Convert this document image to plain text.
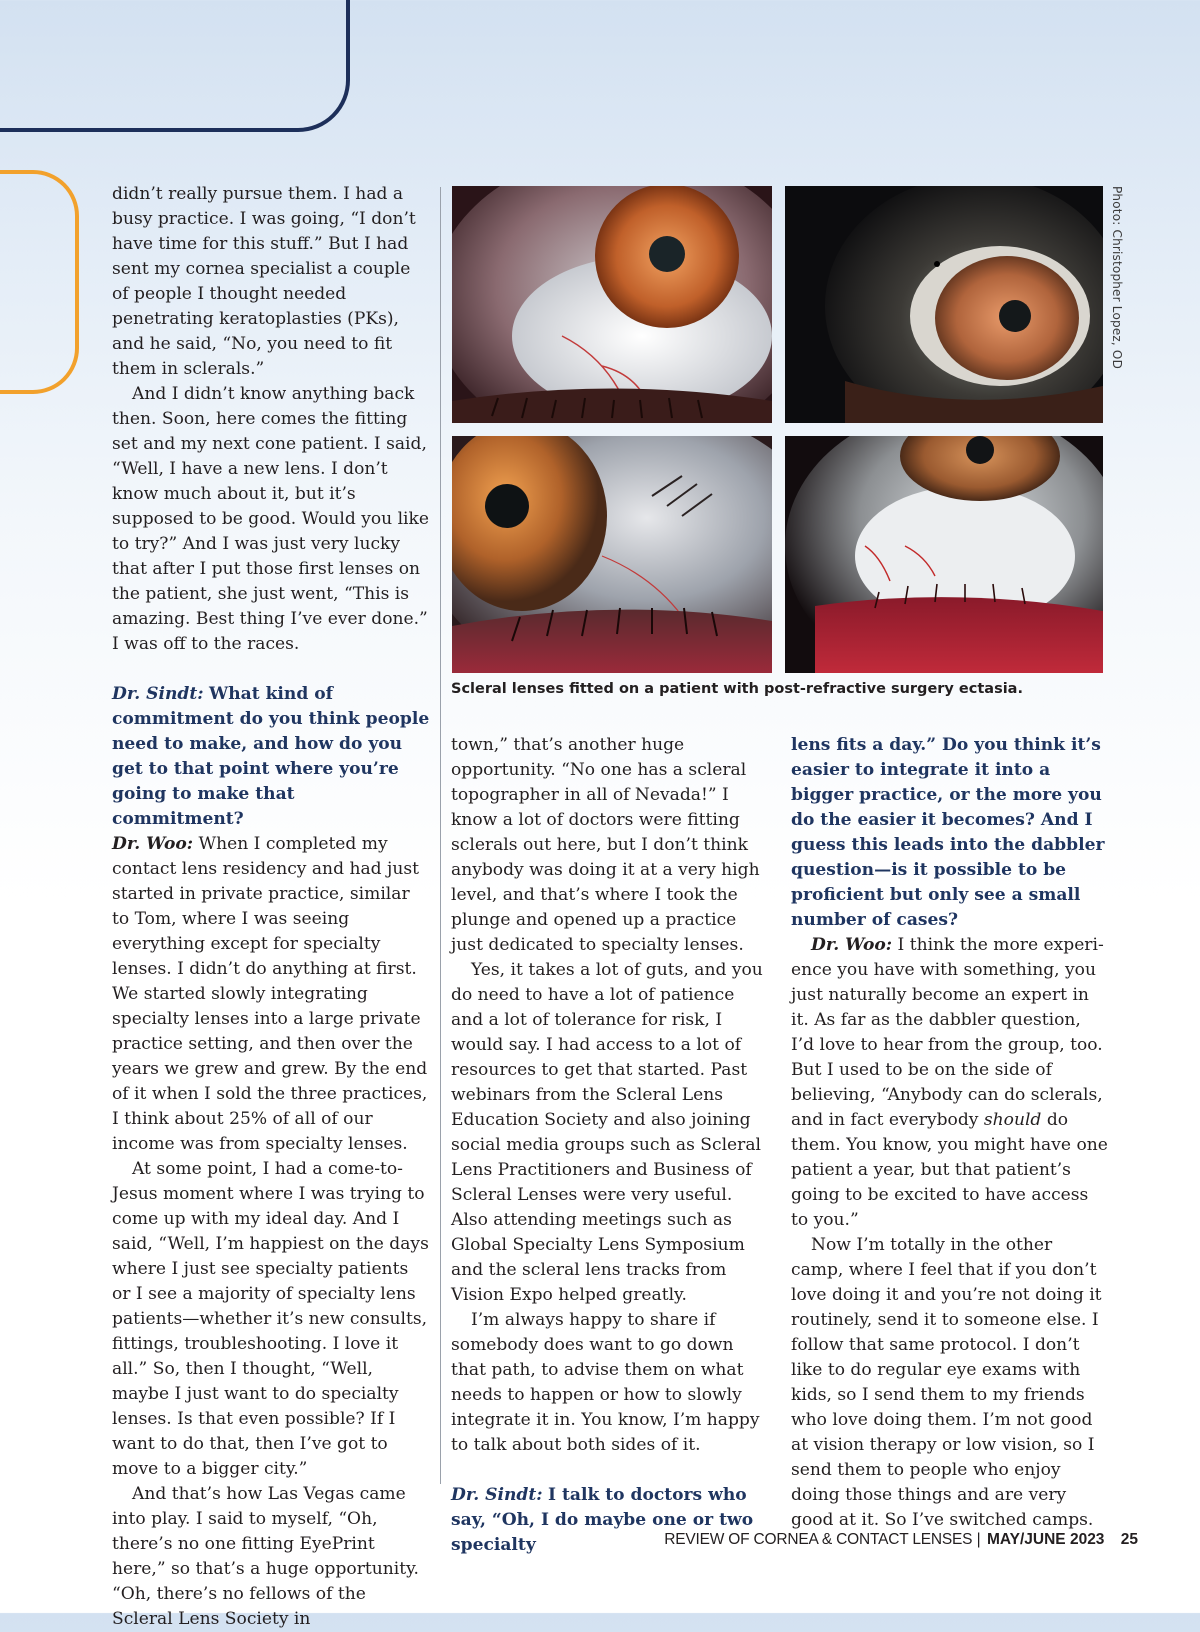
didn’t really pursue them. I had a busy practice. I was going, “I don’t have time for this stuff.” But I had sent my cornea specialist a couple of people I thought needed penetrating keratoplasties (PKs), and he said, “No, you need to fit them in sclerals.”

And I didn’t know anything back then. Soon, here comes the fitting set and my next cone patient. I said, “Well, I have a new lens. I don’t know much about it, but it’s supposed to be good. Would you like to try?” And I was just very lucky that after I put those first lenses on the patient, she just went, “This is amazing. Best thing I’ve ever done.” I was off to the races.

Dr. Sindt: What kind of commitment do you think people need to make, and how do you get to that point where you’re going to make that commitment?

Dr. Woo: When I completed my contact lens residency and had just started in private practice, similar to Tom, where I was seeing everything except for specialty lenses. I didn’t do anything at first. We started slowly integrating specialty lenses into a large private practice setting, and then over the years we grew and grew. By the end of it when I sold the three practices, I think about 25% of all of our income was from specialty lenses.

At some point, I had a come-to-Jesus moment where I was trying to come up with my ideal day. And I said, “Well, I’m happiest on the days where I just see specialty patients or I see a majority of specialty lens patients—whether it’s new consults, fittings, troubleshooting. I love it all.” So, then I thought, “Well, maybe I just want to do specialty lenses. Is that even possible? If I want to do that, then I’ve got to move to a bigger city.”

And that’s how Las Vegas came into play. I said to myself, “Oh, there’s no one fitting EyePrint here,” so that’s a huge opportunity. “Oh, there’s no fellows of the Scleral Lens Society in

Photo: Christopher Lopez, OD
Scleral lenses fitted on a patient with post-refractive surgery ectasia.

town,” that’s another huge opportunity. “No one has a scleral topographer in all of Nevada!” I know a lot of doctors were fitting sclerals out here, but I don’t think anybody was doing it at a very high level, and that’s where I took the plunge and opened up a practice just dedicated to specialty lenses.

Yes, it takes a lot of guts, and you do need to have a lot of patience and a lot of tolerance for risk, I would say. I had access to a lot of resources to get that started. Past webinars from the Scleral Lens Education Society and also joining social media groups such as Scleral Lens Practitioners and Business of Scleral Lenses were very useful. Also attending meetings such as Global Specialty Lens Symposium and the scleral lens tracks from Vision Expo helped greatly.

I’m always happy to share if somebody does want to go down that path, to advise them on what needs to happen or how to slowly integrate it in. You know, I’m happy to talk about both sides of it.

Dr. Sindt: I talk to doctors who say, “Oh, I do maybe one or two specialty

lens fits a day.” Do you think it’s easier to integrate it into a bigger practice, or the more you do the easier it becomes? And I guess this leads into the dabbler question—is it possible to be proficient but only see a small number of cases?

Dr. Woo: I think the more experience you have with something, you just naturally become an expert in it. As far as the dabbler question, I’d love to hear from the group, too. But I used to be on the side of believing, “Anybody can do sclerals, and in fact everybody should do them. You know, you might have one patient a year, but that patient’s going to be excited to have access to you.”

Now I’m totally in the other camp, where I feel that if you don’t love doing it and you’re not doing it routinely, send it to someone else. I follow that same protocol. I don’t like to do regular eye exams with kids, so I send them to my friends who love doing them. I’m not good at vision therapy or low vision, so I send them to people who enjoy doing those things and are very good at it. So I’ve switched camps.

REVIEW OF CORNEA & CONTACT LENSES | MAY/JUNE 2023 25
